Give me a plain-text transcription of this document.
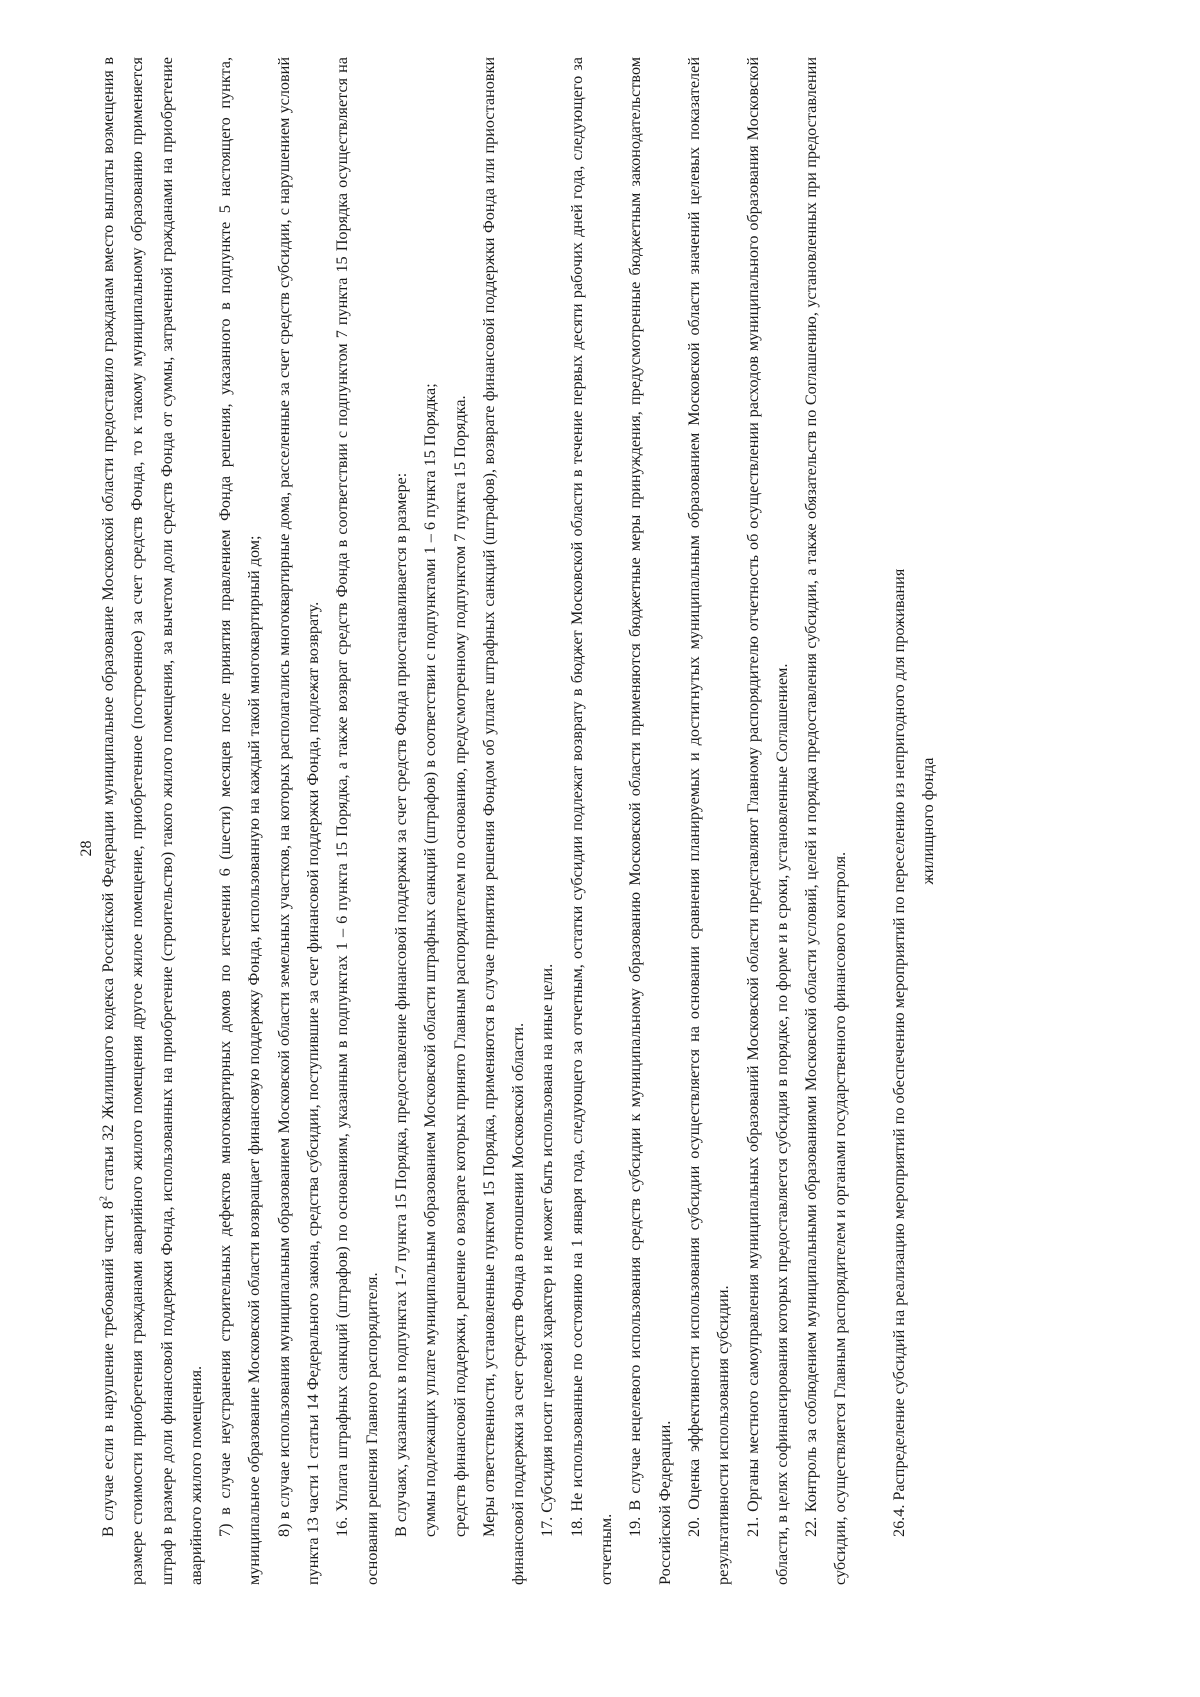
28

В случае если в нарушение требований части $8^2$ статьи 32 Жилищного кодекса Российской Федерации муниципальное образование Московской области предоставило гражданам вместо выплаты возмещения в размере стоимости приобретения гражданами аварийного жилого помещения другое жилое помещение, приобретенное (построенное) за счет средств Фонда, то к такому муниципальному образованию применяется штраф в размере доли финансовой поддержки Фонда, использованных на приобретение (строительство) такого жилого помещения, за вычетом доли средств Фонда от суммы, затраченной гражданами на приобретение аварийного жилого помещения. 7) в случае неустранения строительных дефектов многоквартирных домов по истечении 6 (шести) месяцев после принятия правлением Фонда решения, указанного в подпункте 5 настоящего пункта, муниципальное образование Московской области возвращает финансовую поддержку Фонда, использованную на каждый такой многоквартирный дом; 8) в случае использования муниципальным образованием Московской области земельных участков, на которых располагались многоквартирные дома, расселенные за счет средств субсидии, с нарушением условий пункта 13 части 1 статьи 14 Федерального закона, средства субсидии, поступившие за счет финансовой поддержки Фонда, подлежат возврату. 16. Уплата штрафных санкций (штрафов) по основаниям, указанным в подпунктах 1 – 6 пункта 15 Порядка, а также возврат средств Фонда в соответствии с подпунктом 7 пункта 15 Порядка осуществляется на основании решения Главного распорядителя. В случаях, указанных в подпунктах 1-7 пункта 15 Порядка, предоставление финансовой поддержки за счет средств Фонда приостанавливается в размере: суммы подлежащих уплате муниципальным образованием Московской области штрафных санкций (штрафов) в соответствии с подпунктами 1 – 6 пункта 15 Порядка; средств финансовой поддержки, решение о возврате которых принято Главным распорядителем по основанию, предусмотренному подпунктом 7 пункта 15 Порядка. Меры ответственности, установленные пунктом 15 Порядка, применяются в случае принятия решения Фондом об уплате штрафных санкций (штрафов), возврате финансовой поддержки Фонда или приостановки финансовой поддержки за счет средств Фонда в отношении Московской области. 17. Субсидия носит целевой характер и не может быть использована на иные цели. 18. Не использованные по состоянию на 1 января года, следующего за отчетным, остатки субсидии подлежат возврату в бюджет Московской области в течение первых десяти рабочих дней года, следующего за отчетным.

19. В случае нецелевого использования средств субсидии к муниципальному образованию Московской области применяются бюджетные меры принуждения, предусмотренные бюджетным законодательством Российской Федерации. 20. Оценка эффективности использования субсидии осуществляется на основании сравнения планируемых и достигнутых муниципальным образованием Московской области значений целевых показателей результативности использования субсидии. 21. Органы местного самоуправления муниципальных образований Московской области представляют Главному распорядителю отчетность об осуществлении расходов муниципального образования Московской области, в целях софинансирования которых предоставляется субсидия в порядке, по форме и в сроки, установленные Соглашением. 22. Контроль за соблюдением муниципальными образованиями Московской области условий, целей и порядка предоставления субсидии, а также обязательств по Соглашению, установленных при предоставлении субсидии, осуществляется Главным распорядителем и органами государственного финансового контроля.	26.4. Распределение субсидий на реализацию мероприятий по обеспечению мероприятий по переселению из непригодного для проживания жилищного фонда
